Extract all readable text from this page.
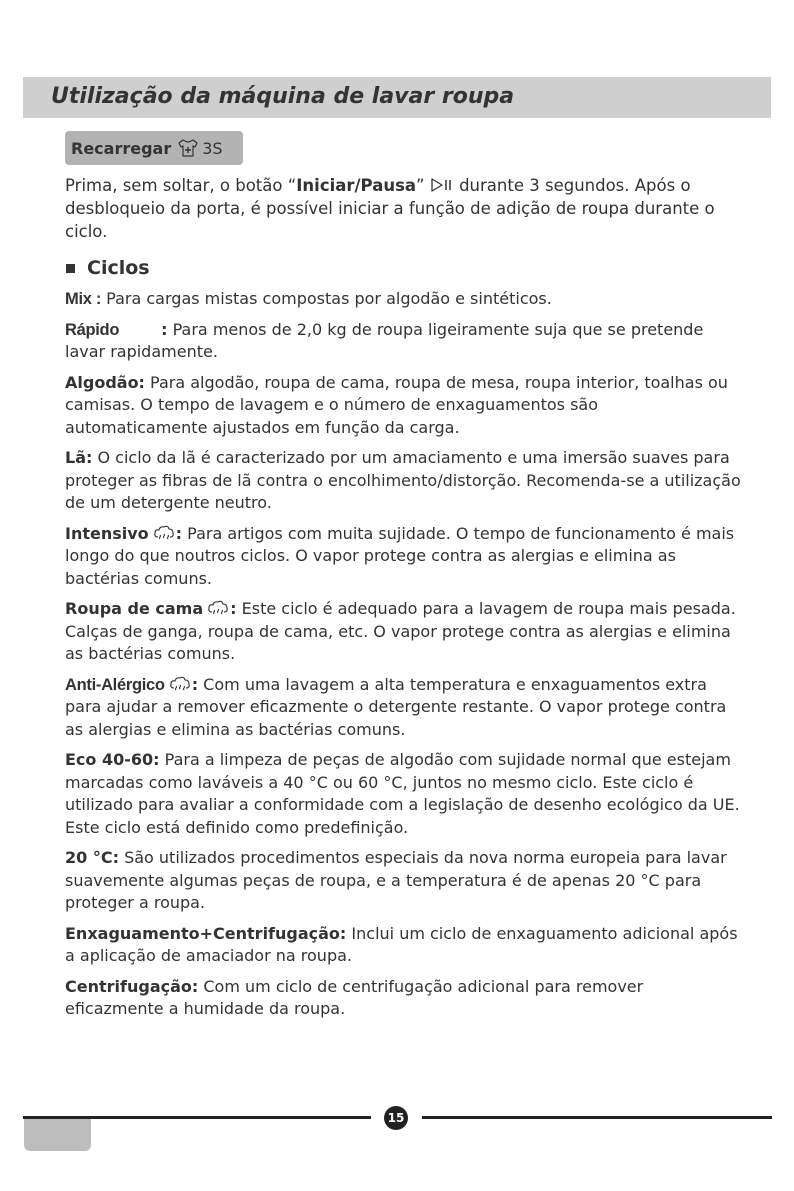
Utilização da máquina de lavar roupa
Recarregar 3S

Prima, sem soltar, o botão “Iniciar/Pausa”  durante 3 segundos. Após o desbloqueio da porta, é possível iniciar a função de adição de roupa durante o ciclo.

Ciclos

Mix : Para cargas mistas compostas por algodão e sintéticos.

Rápido	: Para menos de 2,0 kg de roupa ligeiramente suja que se pretende lavar rapidamente.

Algodão: Para algodão, roupa de cama, roupa de mesa, roupa interior, toalhas ou camisas. O tempo de lavagem e o número de enxaguamentos são automaticamente ajustados em função da carga.

Lã: O ciclo da lã é caracterizado por um amaciamento e uma imersão suaves para proteger as fibras de lã contra o encolhimento/distorção. Recomenda-se a utilização de um detergente neutro.

Intensivo : Para artigos com muita sujidade. O tempo de funcionamento é mais longo do que noutros ciclos. O vapor protege contra as alergias e elimina as bactérias comuns.

Roupa de cama : Este ciclo é adequado para a lavagem de roupa mais pesada. Calças de ganga, roupa de cama, etc. O vapor protege contra as alergias e elimina as bactérias comuns.

Anti-Alérgico : Com uma lavagem a alta temperatura e enxaguamentos extra para ajudar a remover eficazmente o detergente restante. O vapor protege contra as alergias e elimina as bactérias comuns.

Eco 40-60: Para a limpeza de peças de algodão com sujidade normal que estejam marcadas como laváveis a 40 °C ou 60 °C, juntos no mesmo ciclo. Este ciclo é utilizado para avaliar a conformidade com a legislação de desenho ecológico da UE.
Este ciclo está definido como predefinição.

20 °C: São utilizados procedimentos especiais da nova norma europeia para lavar suavemente algumas peças de roupa, e a temperatura é de apenas 20 °C para proteger a roupa.

Enxaguamento+Centrifugação: Inclui um ciclo de enxaguamento adicional após a aplicação de amaciador na roupa.

Centrifugação: Com um ciclo de centrifugação adicional para remover eficazmente a humidade da roupa.

15
